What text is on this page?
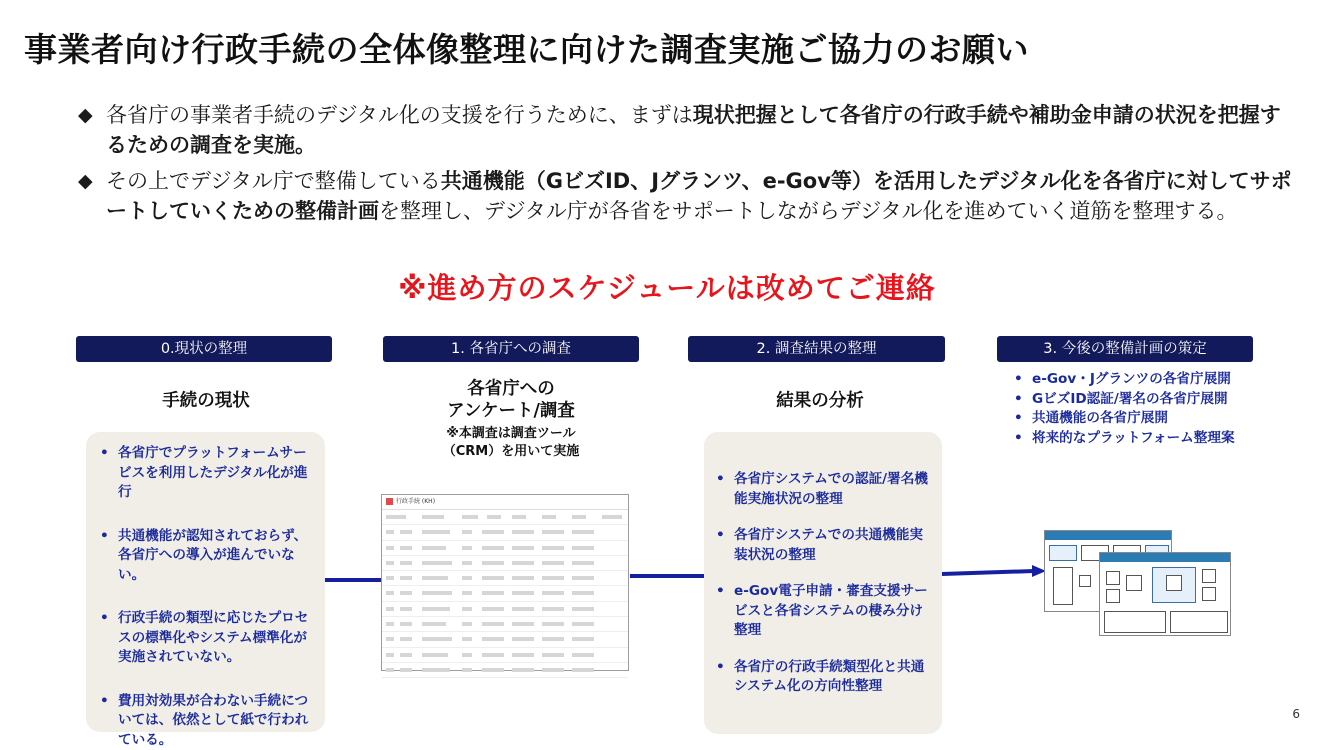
事業者向け行政手続の全体像整理に向けた調査実施ご協力のお願い
◆ 各省庁の事業者手続のデジタル化の支援を行うために、まずは現状把握として各省庁の行政手続や補助金申請の状況を把握するための調査を実施。
◆ その上でデジタル庁で整備している共通機能（GビズID、Jグランツ、e-Gov等）を活用したデジタル化を各省庁に対してサポートしていくための整備計画を整理し、デジタル庁が各省をサポートしながらデジタル化を進めていく道筋を整理する。
※進め方のスケジュールは改めてご連絡
0.現状の整理	1. 各省庁への調査	2. 調査結果の整理	3. 今後の整備計画の策定
手続の現状
• 各省庁でプラットフォームサービスを利用したデジタル化が進行
• 共通機能が認知されておらず、各省庁への導入が進んでいない。
• 行政手続の類型に応じたプロセスの標準化やシステム標準化が実施されていない。
• 費用対効果が合わない手続については、依然として紙で行われている。
各省庁への
アンケート/調査
※本調査は調査ツール
（CRM）を用いて実施
行政手続 (KH)
結果の分析
• 各省庁システムでの認証/署名機能実施状況の整理
• 各省庁システムでの共通機能実装状況の整理
• e-Gov電子申請・審査支援サービスと各省システムの棲み分け整理
• 各省庁の行政手続類型化と共通システム化の方向性整理
• e-Gov・Jグランツの各省庁展開
• GビズID認証/署名の各省庁展開
• 共通機能の各省庁展開
• 将来的なプラットフォーム整理案
6
